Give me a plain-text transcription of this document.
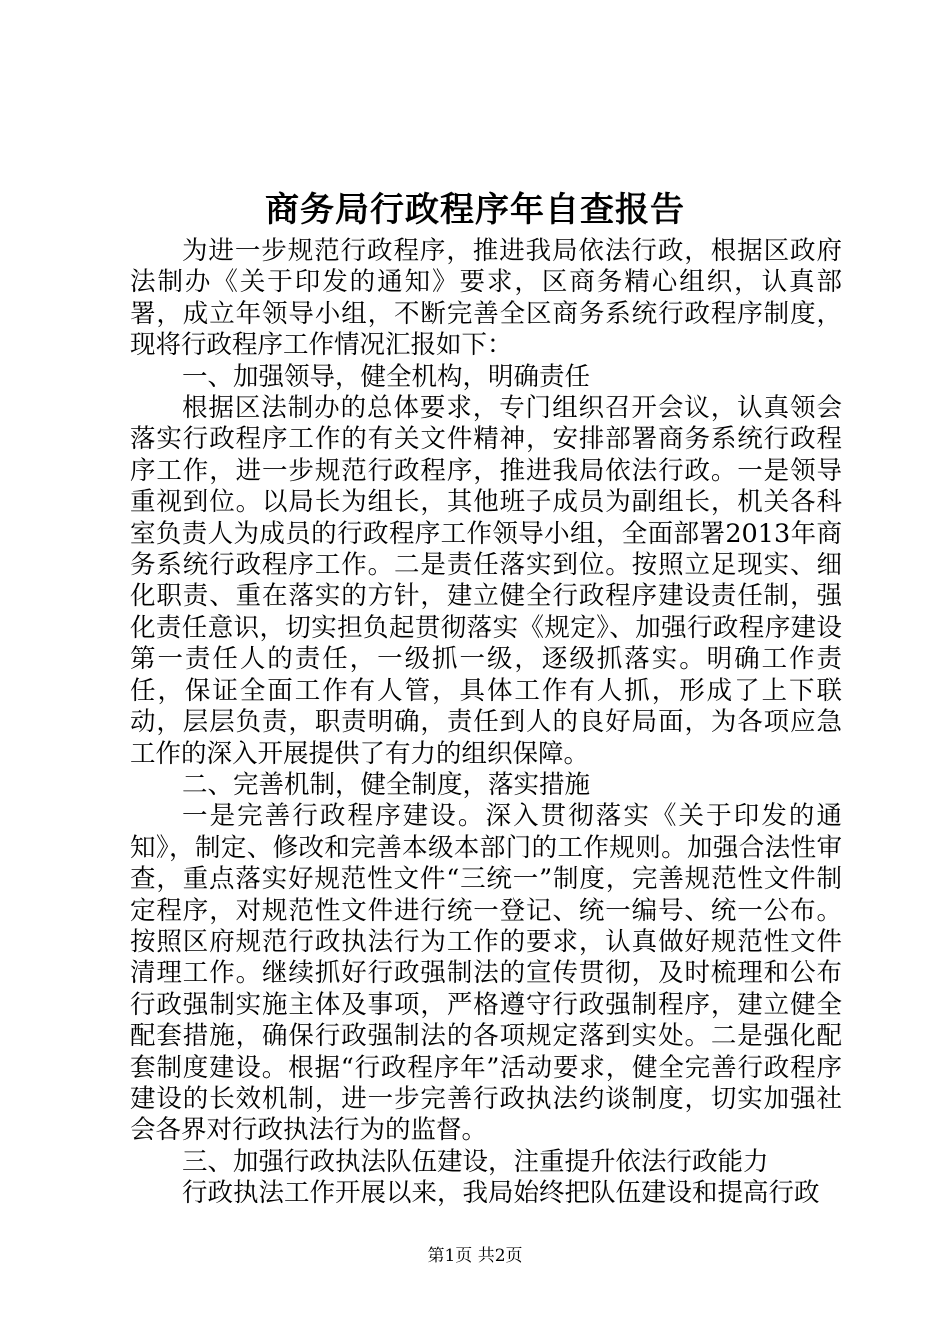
商务局行政程序年自查报告

为进一步规范行政程序，推进我局依法行政，根据区政府法制办《关于印发的通知》要求，区商务精心组织，认真部署，成立年领导小组，不断完善全区商务系统行政程序制度，现将行政程序工作情况汇报如下：

一、加强领导，健全机构，明确责任

根据区法制办的总体要求，专门组织召开会议，认真领会落实行政程序工作的有关文件精神，安排部署商务系统行政程序工作，进一步规范行政程序，推进我局依法行政。一是领导重视到位。以局长为组长，其他班子成员为副组长，机关各科室负责人为成员的行政程序工作领导小组，全面部署2013年商务系统行政程序工作。二是责任落实到位。按照立足现实、细化职责、重在落实的方针，建立健全行政程序建设责任制，强化责任意识，切实担负起贯彻落实《规定》、加强行政程序建设第一责任人的责任，一级抓一级，逐级抓落实。明确工作责任，保证全面工作有人管，具体工作有人抓，形成了上下联动，层层负责，职责明确，责任到人的良好局面，为各项应急工作的深入开展提供了有力的组织保障。

二、完善机制，健全制度，落实措施

一是完善行政程序建设。深入贯彻落实《关于印发的通知》，制定、修改和完善本级本部门的工作规则。加强合法性审查，重点落实好规范性文件“三统一”制度，完善规范性文件制定程序，对规范性文件进行统一登记、统一编号、统一公布。按照区府规范行政执法行为工作的要求，认真做好规范性文件清理工作。继续抓好行政强制法的宣传贯彻，及时梳理和公布行政强制实施主体及事项，严格遵守行政强制程序，建立健全配套措施，确保行政强制法的各项规定落到实处。二是强化配套制度建设。根据“行政程序年”活动要求，健全完善行政程序建设的长效机制，进一步完善行政执法约谈制度，切实加强社会各界对行政执法行为的监督。

三、加强行政执法队伍建设，注重提升依法行政能力

行政执法工作开展以来，我局始终把队伍建设和提高行政

第1页 共2页
